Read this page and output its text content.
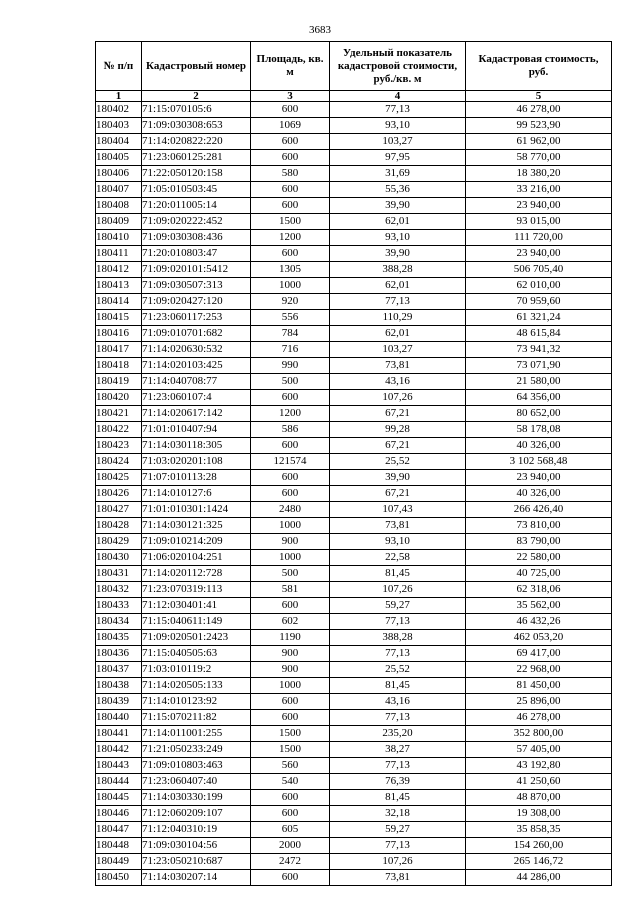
3683
№ п/п	Кадастровый номер	Площадь, кв. м	Удельный показатель кадастровой стоимости, руб./кв. м	Кадастровая стоимость, руб.
1	2	3	4	5
180402	71:15:070105:6	600	77,13	46 278,00
180403	71:09:030308:653	1069	93,10	99 523,90
180404	71:14:020822:220	600	103,27	61 962,00
180405	71:23:060125:281	600	97,95	58 770,00
180406	71:22:050120:158	580	31,69	18 380,20
180407	71:05:010503:45	600	55,36	33 216,00
180408	71:20:011005:14	600	39,90	23 940,00
180409	71:09:020222:452	1500	62,01	93 015,00
180410	71:09:030308:436	1200	93,10	111 720,00
180411	71:20:010803:47	600	39,90	23 940,00
180412	71:09:020101:5412	1305	388,28	506 705,40
180413	71:09:030507:313	1000	62,01	62 010,00
180414	71:09:020427:120	920	77,13	70 959,60
180415	71:23:060117:253	556	110,29	61 321,24
180416	71:09:010701:682	784	62,01	48 615,84
180417	71:14:020630:532	716	103,27	73 941,32
180418	71:14:020103:425	990	73,81	73 071,90
180419	71:14:040708:77	500	43,16	21 580,00
180420	71:23:060107:4	600	107,26	64 356,00
180421	71:14:020617:142	1200	67,21	80 652,00
180422	71:01:010407:94	586	99,28	58 178,08
180423	71:14:030118:305	600	67,21	40 326,00
180424	71:03:020201:108	121574	25,52	3 102 568,48
180425	71:07:010113:28	600	39,90	23 940,00
180426	71:14:010127:6	600	67,21	40 326,00
180427	71:01:010301:1424	2480	107,43	266 426,40
180428	71:14:030121:325	1000	73,81	73 810,00
180429	71:09:010214:209	900	93,10	83 790,00
180430	71:06:020104:251	1000	22,58	22 580,00
180431	71:14:020112:728	500	81,45	40 725,00
180432	71:23:070319:113	581	107,26	62 318,06
180433	71:12:030401:41	600	59,27	35 562,00
180434	71:15:040611:149	602	77,13	46 432,26
180435	71:09:020501:2423	1190	388,28	462 053,20
180436	71:15:040505:63	900	77,13	69 417,00
180437	71:03:010119:2	900	25,52	22 968,00
180438	71:14:020505:133	1000	81,45	81 450,00
180439	71:14:010123:92	600	43,16	25 896,00
180440	71:15:070211:82	600	77,13	46 278,00
180441	71:14:011001:255	1500	235,20	352 800,00
180442	71:21:050233:249	1500	38,27	57 405,00
180443	71:09:010803:463	560	77,13	43 192,80
180444	71:23:060407:40	540	76,39	41 250,60
180445	71:14:030330:199	600	81,45	48 870,00
180446	71:12:060209:107	600	32,18	19 308,00
180447	71:12:040310:19	605	59,27	35 858,35
180448	71:09:030104:56	2000	77,13	154 260,00
180449	71:23:050210:687	2472	107,26	265 146,72
180450	71:14:030207:14	600	73,81	44 286,00
